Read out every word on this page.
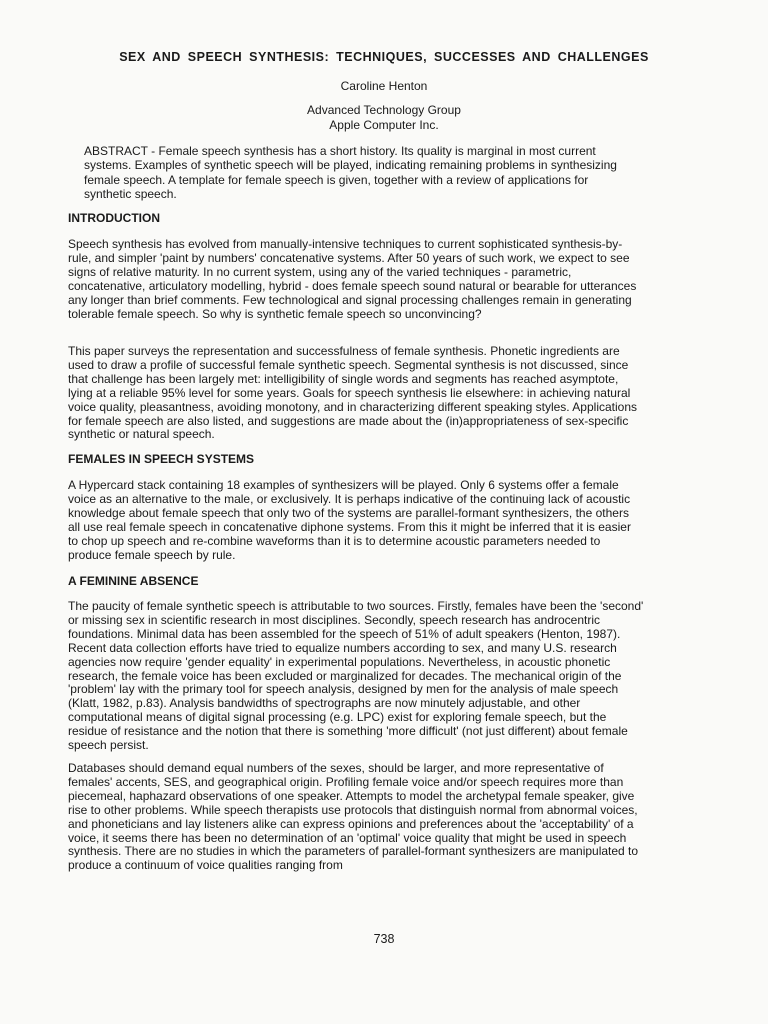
SEX AND SPEECH SYNTHESIS: TECHNIQUES, SUCCESSES AND CHALLENGES

Caroline Henton

Advanced Technology Group
Apple Computer Inc.

ABSTRACT - Female speech synthesis has a short history. Its quality is marginal in most current systems. Examples of synthetic speech will be played, indicating remaining problems in synthesizing female speech. A template for female speech is given, together with a review of applications for synthetic speech.

INTRODUCTION

Speech synthesis has evolved from manually-intensive techniques to current sophisticated synthesis-by-rule, and simpler 'paint by numbers' concatenative systems. After 50 years of such work, we expect to see signs of relative maturity. In no current system, using any of the varied techniques - parametric, concatenative, articulatory modelling, hybrid - does female speech sound natural or bearable for utterances any longer than brief comments. Few technological and signal processing challenges remain in generating tolerable female speech. So why is synthetic female speech so unconvincing?

This paper surveys the representation and successfulness of female synthesis. Phonetic ingredients are used to draw a profile of successful female synthetic speech. Segmental synthesis is not discussed, since that challenge has been largely met: intelligibility of single words and segments has reached asymptote, lying at a reliable 95% level for some years. Goals for speech synthesis lie elsewhere: in achieving natural voice quality, pleasantness, avoiding monotony, and in characterizing different speaking styles. Applications for female speech are also listed, and suggestions are made about the (in)appropriateness of sex-specific synthetic or natural speech.

FEMALES IN SPEECH SYSTEMS

A Hypercard stack containing 18 examples of synthesizers will be played. Only 6 systems offer a female voice as an alternative to the male, or exclusively. It is perhaps indicative of the continuing lack of acoustic knowledge about female speech that only two of the systems are parallel-formant synthesizers, the others all use real female speech in concatenative diphone systems. From this it might be inferred that it is easier to chop up speech and re-combine waveforms than it is to determine acoustic parameters needed to produce female speech by rule.

A FEMININE ABSENCE

The paucity of female synthetic speech is attributable to two sources. Firstly, females have been the 'second' or missing sex in scientific research in most disciplines. Secondly, speech research has androcentric foundations. Minimal data has been assembled for the speech of 51% of adult speakers (Henton, 1987). Recent data collection efforts have tried to equalize numbers according to sex, and many U.S. research agencies now require 'gender equality' in experimental populations. Nevertheless, in acoustic phonetic research, the female voice has been excluded or marginalized for decades. The mechanical origin of the 'problem' lay with the primary tool for speech analysis, designed by men for the analysis of male speech (Klatt, 1982, p.83). Analysis bandwidths of spectrographs are now minutely adjustable, and other computational means of digital signal processing (e.g. LPC) exist for exploring female speech, but the residue of resistance and the notion that there is something 'more difficult' (not just different) about female speech persist.

Databases should demand equal numbers of the sexes, should be larger, and more representative of females' accents, SES, and geographical origin. Profiling female voice and/or speech requires more than piecemeal, haphazard observations of one speaker. Attempts to model the archetypal female speaker, give rise to other problems. While speech therapists use protocols that distinguish normal from abnormal voices, and phoneticians and lay listeners alike can express opinions and preferences about the 'acceptability' of a voice, it seems there has been no determination of an 'optimal' voice quality that might be used in speech synthesis. There are no studies in which the parameters of parallel-formant synthesizers are manipulated to produce a continuum of voice qualities ranging from

738
